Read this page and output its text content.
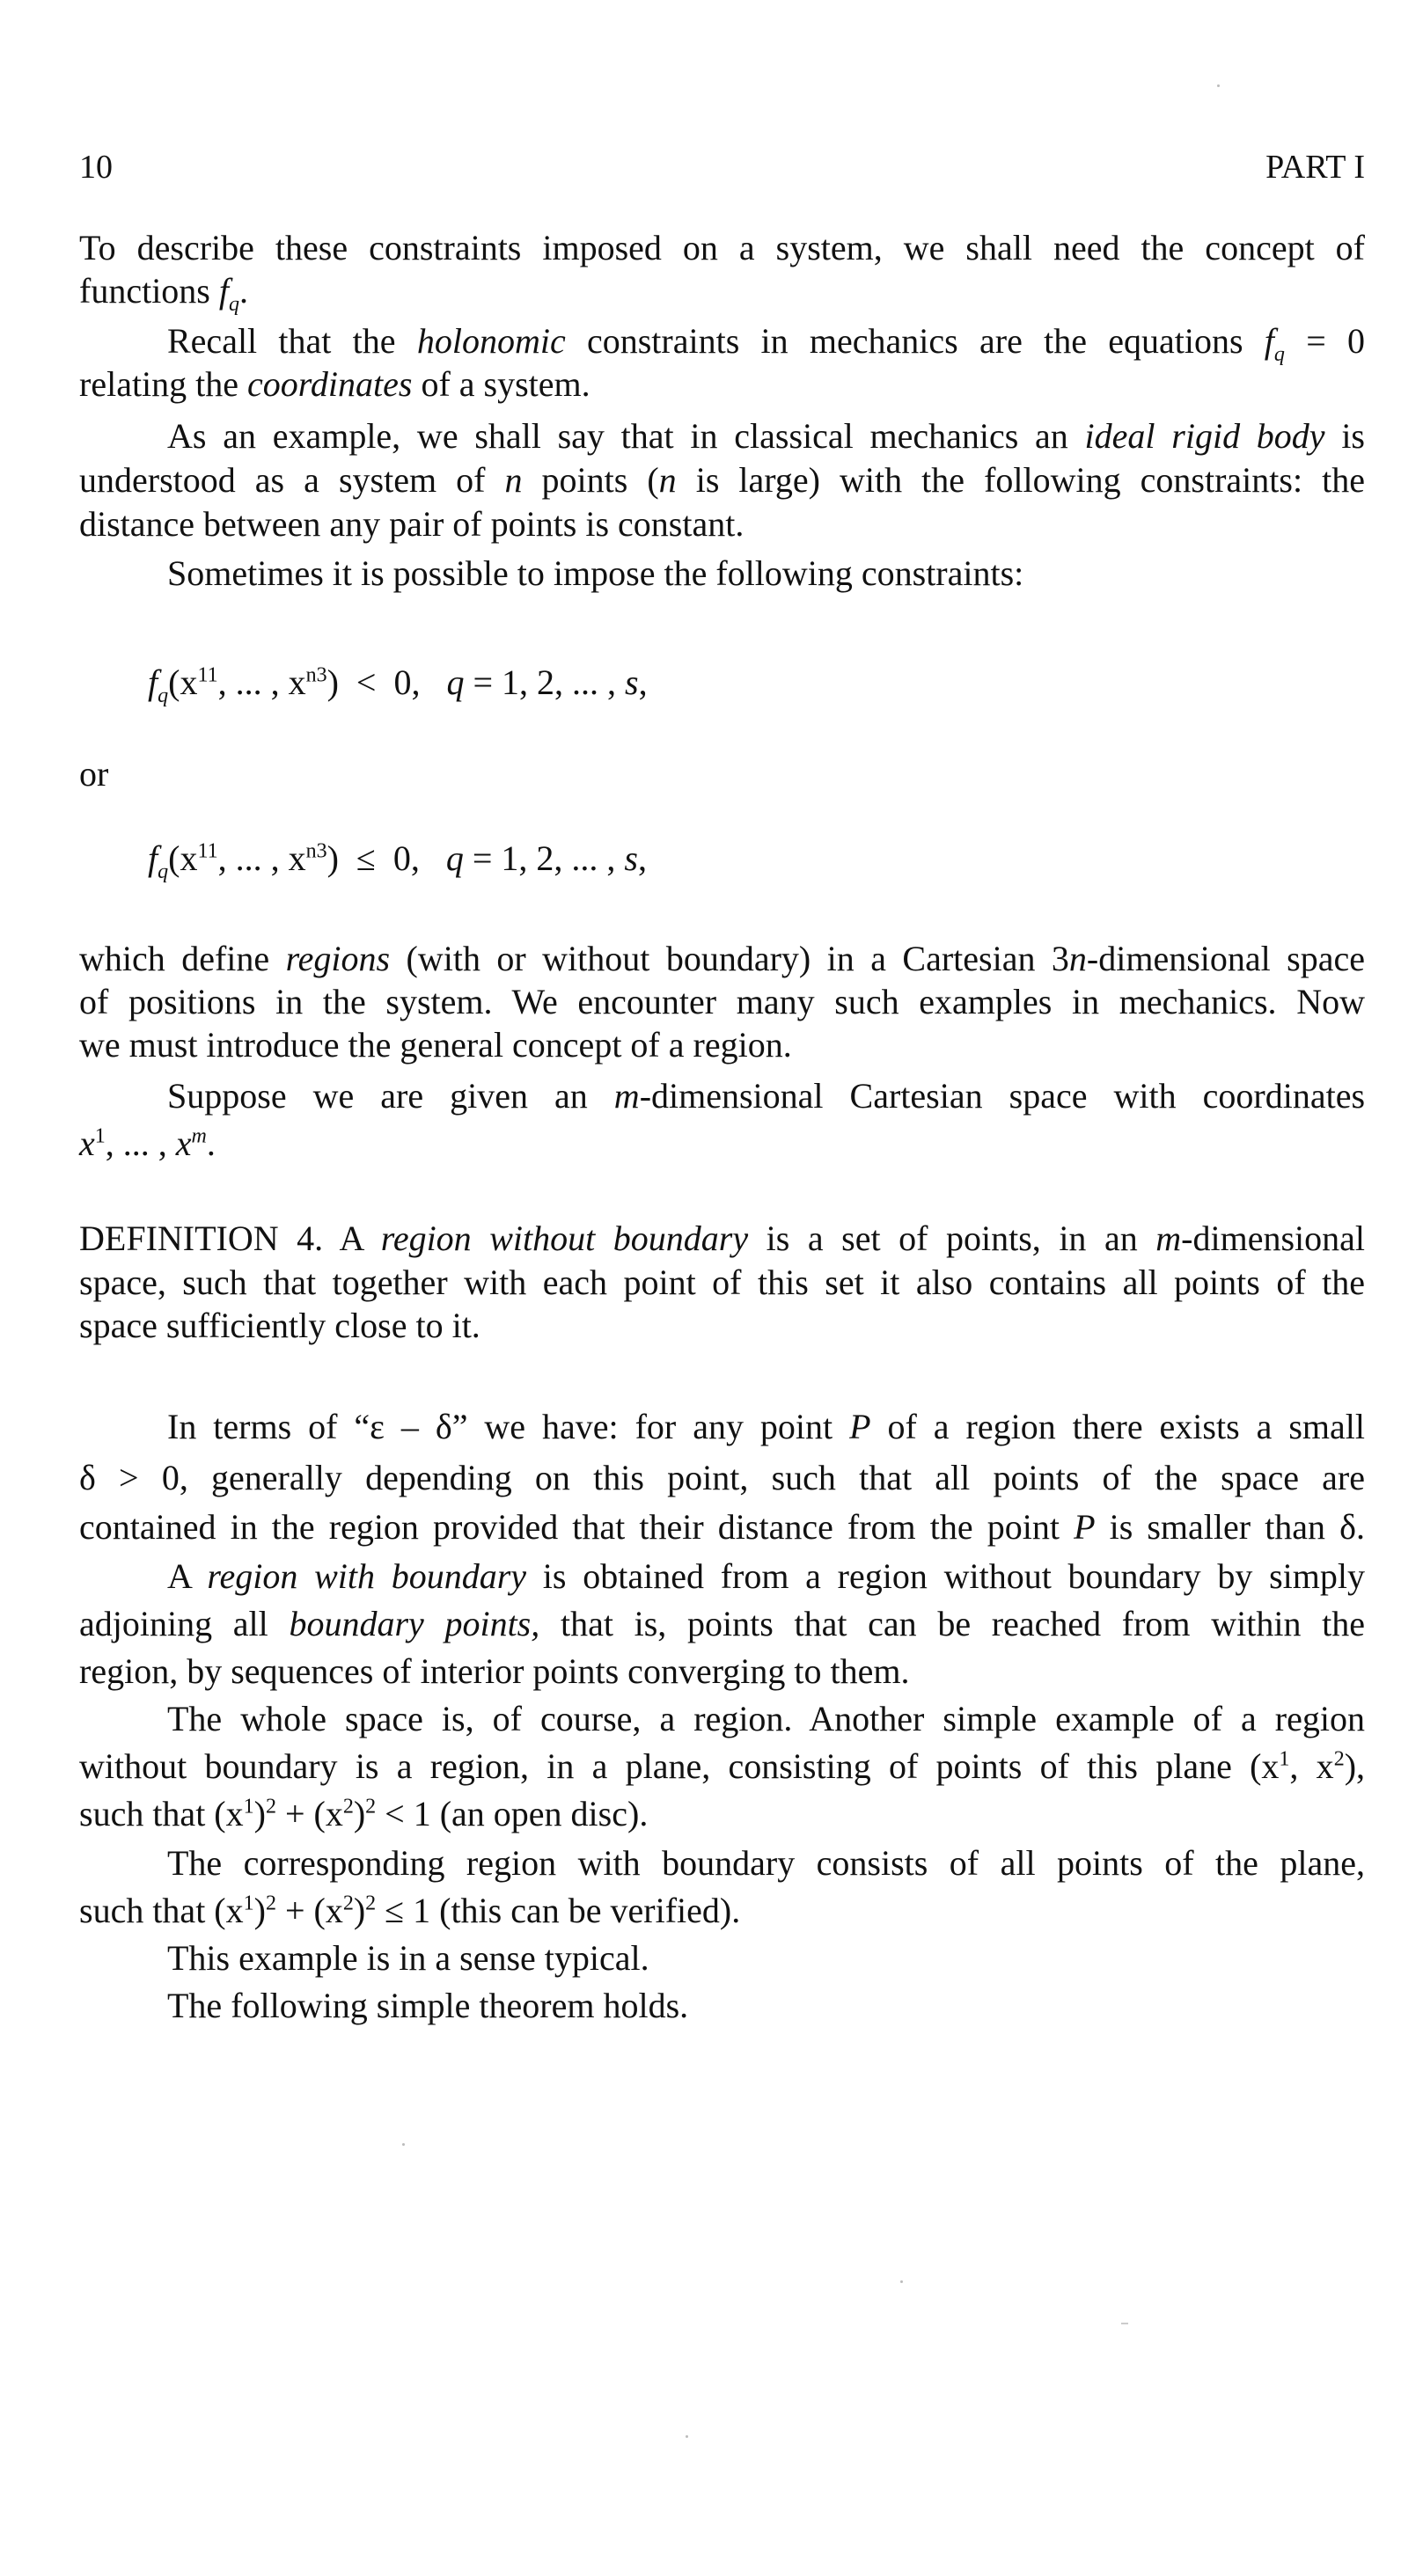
10	PART I
To describe these constraints imposed on a system, we shall need the concept of
functions $f_q$.
Recall that the holonomic constraints in mechanics are the equations $f_q = 0$
relating the coordinates of a system.
As an example, we shall say that in classical mechanics an ideal rigid body is
understood as a system of n points (n is large) with the following constraints: the
distance between any pair of points is constant.
Sometimes it is possible to impose the following constraints:
$f_q(x^{11}$, ... , $x^{n3}) < 0$,   q = 1, 2, ... , s,
or
$f_q(x^{11}$, ... , $x^{n3}) \le 0$,   q = 1, 2, ... , s,
which define regions (with or without boundary) in a Cartesian 3n-dimensional space
of positions in the system. We encounter many such examples in mechanics. Now
we must introduce the general concept of a region.
Suppose we are given an m-dimensional Cartesian space with coordinates
$x^1$, ... , $x^m$.
DEFINITION 4. A region without boundary is a set of points, in an m-dimensional
space, such that together with each point of this set it also contains all points of the
space sufficiently close to it.
In terms of “ε – δ” we have: for any point P of a region there exists a small
δ > 0, generally depending on this point, such that all points of the space are
contained in the region provided that their distance from the point P is smaller than δ.
A region with boundary is obtained from a region without boundary by simply
adjoining all boundary points, that is, points that can be reached from within the
region, by sequences of interior points converging to them.
The whole space is, of course, a region. Another simple example of a region
without boundary is a region, in a plane, consisting of points of this plane ($x^1$, $x^2$),
such that $(x^1)^2 + (x^2)^2 < 1$ (an open disc).
The corresponding region with boundary consists of all points of the plane,
such that $(x^1)^2 + (x^2)^2 \le 1$ (this can be verified).
This example is in a sense typical.
The following simple theorem holds.
